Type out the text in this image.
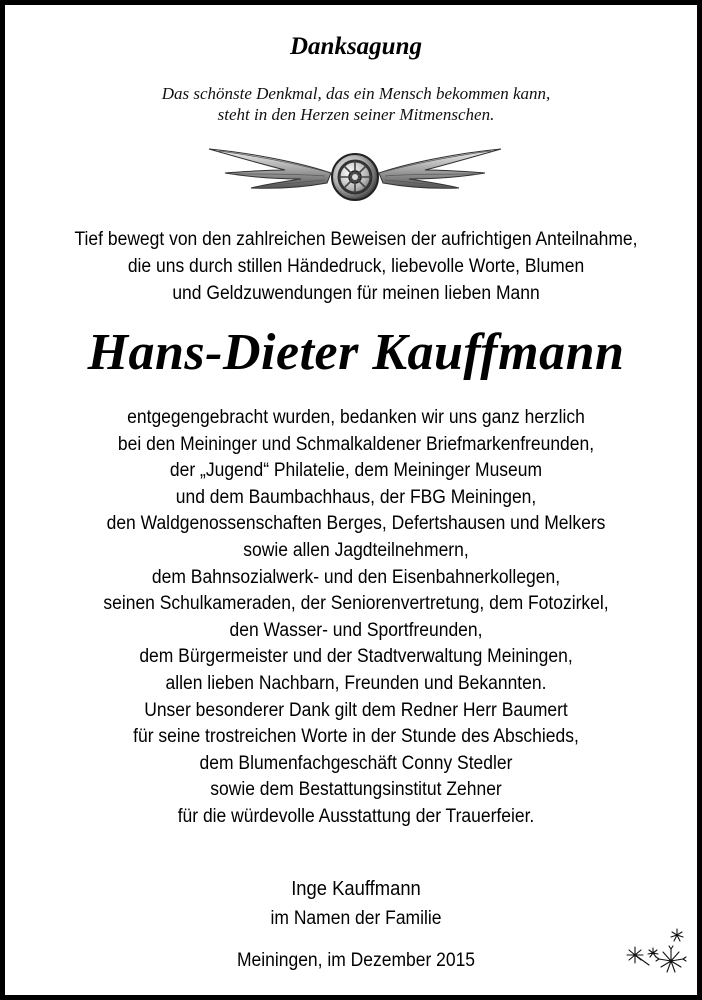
Danksagung
Das schönste Denkmal, das ein Mensch bekommen kann,
steht in den Herzen seiner Mitmenschen.
Tief bewegt von den zahlreichen Beweisen der aufrichtigen Anteilnahme,
die uns durch stillen Händedruck, liebevolle Worte, Blumen
und Geldzuwendungen für meinen lieben Mann
Hans-Dieter Kauffmann
entgegengebracht wurden, bedanken wir uns ganz herzlich
bei den Meininger und Schmalkaldener Briefmarkenfreunden,
der „Jugend“ Philatelie, dem Meininger Museum
und dem Baumbachhaus, der FBG Meiningen,
den Waldgenossenschaften Berges, Defertshausen und Melkers
sowie allen Jagdteilnehmern,
dem Bahnsozialwerk- und den Eisenbahnerkollegen,
seinen Schulkameraden, der Seniorenvertretung, dem Fotozirkel,
den Wasser- und Sportfreunden,
dem Bürgermeister und der Stadtverwaltung Meiningen,
allen lieben Nachbarn, Freunden und Bekannten.
Unser besonderer Dank gilt dem Redner Herr Baumert
für seine trostreichen Worte in der Stunde des Abschieds,
dem Blumenfachgeschäft Conny Stedler
sowie dem Bestattungsinstitut Zehner
für die würdevolle Ausstattung der Trauerfeier.
Inge Kauffmann
im Namen der Familie
Meiningen, im Dezember 2015
